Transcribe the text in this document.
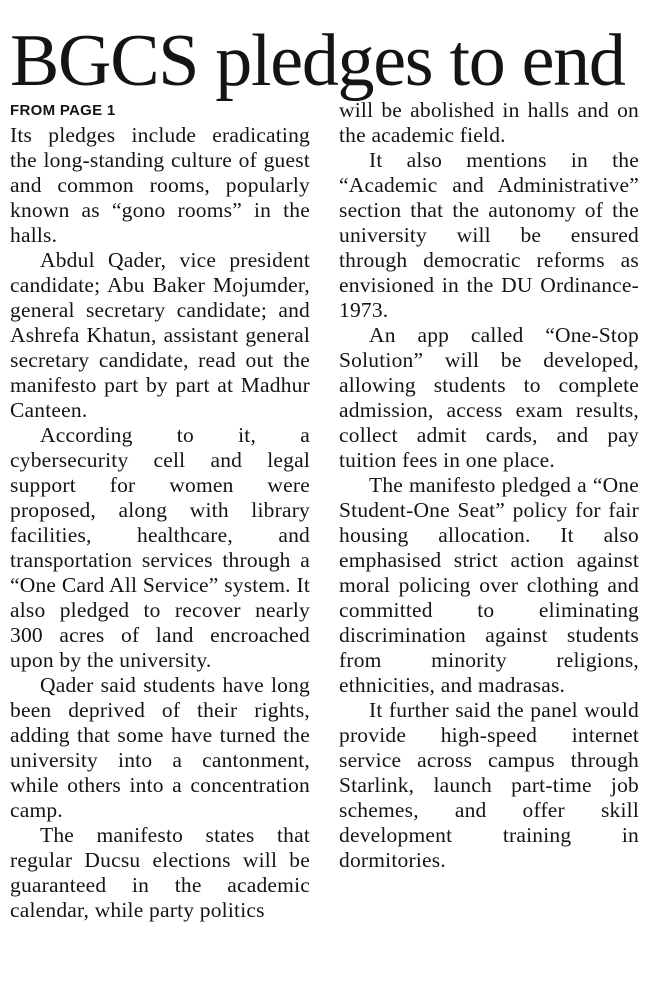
BGCS pledges to end
FROM PAGE 1

Its pledges include eradicating the long-standing culture of guest and common rooms, popularly known as “gono rooms” in the halls.

Abdul Qader, vice president candidate; Abu Baker Mojumder, general secretary candidate; and Ashrefa Khatun, assistant general secretary candidate, read out the manifesto part by part at Madhur Canteen.

According to it, a cybersecurity cell and legal support for women were proposed, along with library facilities, healthcare, and transportation services through a “One Card All Service” system. It also pledged to recover nearly 300 acres of land encroached upon by the university.

Qader said students have long been deprived of their rights, adding that some have turned the university into a cantonment, while others into a concentration camp.

The manifesto states that regular Ducsu elections will be guaranteed in the academic calendar, while party politics

will be abolished in halls and on the academic field.

It also mentions in the “Academic and Administrative” section that the autonomy of the university will be ensured through democratic reforms as envisioned in the DU Ordinance-1973.

An app called “One-Stop Solution” will be developed, allowing students to complete admission, access exam results, collect admit cards, and pay tuition fees in one place.

The manifesto pledged a “One Student-One Seat” policy for fair housing allocation. It also emphasised strict action against moral policing over clothing and committed to eliminating discrimination against students from minority religions, ethnicities, and madrasas.

It further said the panel would provide high-speed internet service across campus through Starlink, launch part-time job schemes, and offer skill development training in dormitories.
